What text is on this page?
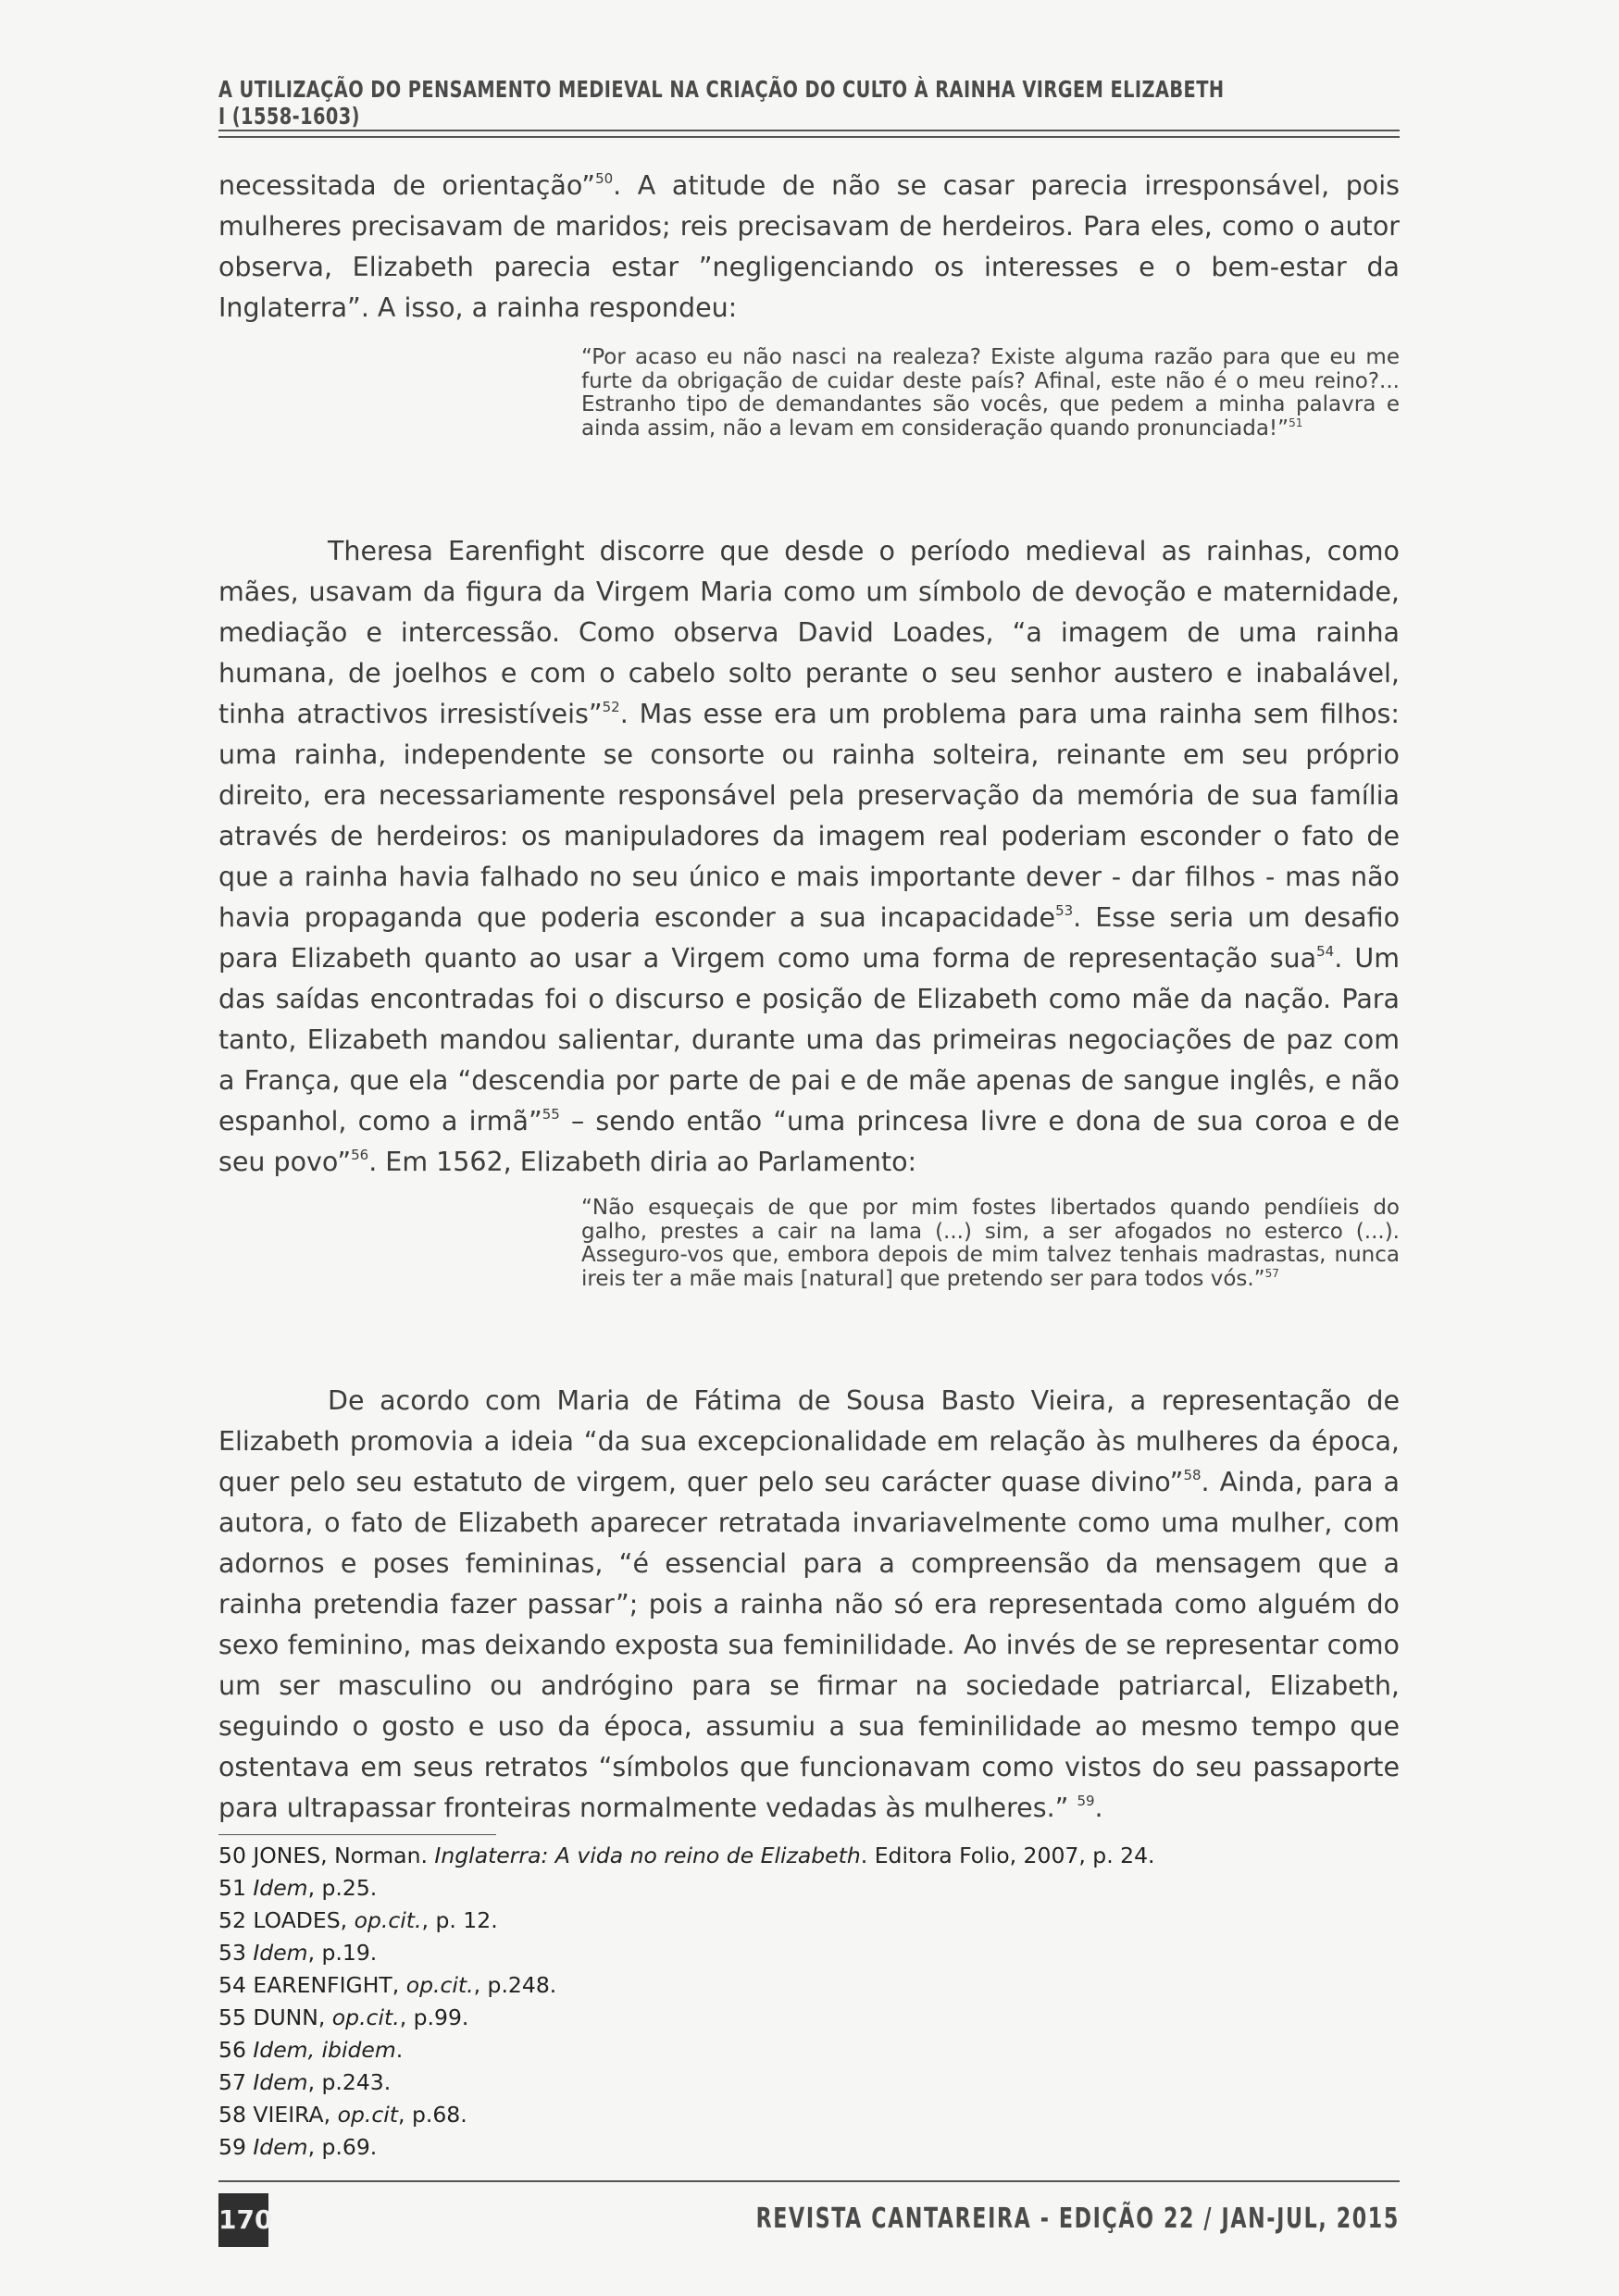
A UTILIZAÇÃO DO PENSAMENTO MEDIEVAL NA CRIAÇÃO DO CULTO À RAINHA VIRGEM ELIZABETH
I (1558-1603)

necessitada de orientação”$^{50}$. A atitude de não se casar parecia irresponsável, pois mulheres precisavam de maridos; reis precisavam de herdeiros. Para eles, como o autor observa, Elizabeth parecia estar ”negligenciando os interesses e o bem-estar da Inglaterra”. A isso, a rainha respondeu:

“Por acaso eu não nasci na realeza? Existe alguma razão para que eu me furte da obrigação de cuidar deste país? Afinal, este não é o meu reino?... Estranho tipo de demandantes são vocês, que pedem a minha palavra e ainda assim, não a levam em consideração quando pronunciada!”$^{51}$

Theresa Earenfight discorre que desde o período medieval as rainhas, como mães, usavam da figura da Virgem Maria como um símbolo de devoção e maternidade, mediação e intercessão. Como observa David Loades, “a imagem de uma rainha humana, de joelhos e com o cabelo solto perante o seu senhor austero e inabalável, tinha atractivos irresistíveis”$^{52}$. Mas esse era um problema para uma rainha sem filhos: uma rainha, independente se consorte ou rainha solteira, reinante em seu próprio direito, era necessariamente responsável pela preservação da memória de sua família através de herdeiros: os manipuladores da imagem real poderiam esconder o fato de que a rainha havia falhado no seu único e mais importante dever - dar filhos - mas não havia propaganda que poderia esconder a sua incapacidade$^{53}$. Esse seria um desafio para Elizabeth quanto ao usar a Virgem como uma forma de representação sua$^{54}$. Um das saídas encontradas foi o discurso e posição de Elizabeth como mãe da nação. Para tanto, Elizabeth mandou salientar, durante uma das primeiras negociações de paz com a França, que ela “descendia por parte de pai e de mãe apenas de sangue inglês, e não espanhol, como a irmã”$^{55}$ – sendo então “uma princesa livre e dona de sua coroa e de seu povo”$^{56}$. Em 1562, Elizabeth diria ao Parlamento:

“Não esqueçais de que por mim fostes libertados quando pendíieis do galho, prestes a cair na lama (...) sim, a ser afogados no esterco (...). Asseguro-vos que, embora depois de mim talvez tenhais madrastas, nunca ireis ter a mãe mais [natural] que pretendo ser para todos vós.”$^{57}$

De acordo com Maria de Fátima de Sousa Basto Vieira, a representação de Elizabeth promovia a ideia “da sua excepcionalidade em relação às mulheres da época, quer pelo seu estatuto de virgem, quer pelo seu carácter quase divino”$^{58}$. Ainda, para a autora, o fato de Elizabeth aparecer retratada invariavelmente como uma mulher, com adornos e poses femininas, “é essencial para a compreensão da mensagem que a rainha pretendia fazer passar”; pois a rainha não só era representada como alguém do sexo feminino, mas deixando exposta sua feminilidade. Ao invés de se representar como um ser masculino ou andrógino para se firmar na sociedade patriarcal, Elizabeth, seguindo o gosto e uso da época, assumiu a sua feminilidade ao mesmo tempo que ostentava em seus retratos “símbolos que funcionavam como vistos do seu passaporte para ultrapassar fronteiras normalmente vedadas às mulheres.” $^{59}$.

50 JONES, Norman. Inglaterra: A vida no reino de Elizabeth. Editora Folio, 2007, p. 24.
51 Idem, p.25.
52 LOADES, op.cit., p. 12.
53 Idem, p.19.
54 EARENFIGHT, op.cit., p.248.
55 DUNN, op.cit., p.99.
56 Idem, ibidem.
57 Idem, p.243.
58 VIEIRA, op.cit, p.68.
59 Idem, p.69.
170	REVISTA CANTAREIRA - EDIÇÃO 22 / JAN-JUL, 2015
